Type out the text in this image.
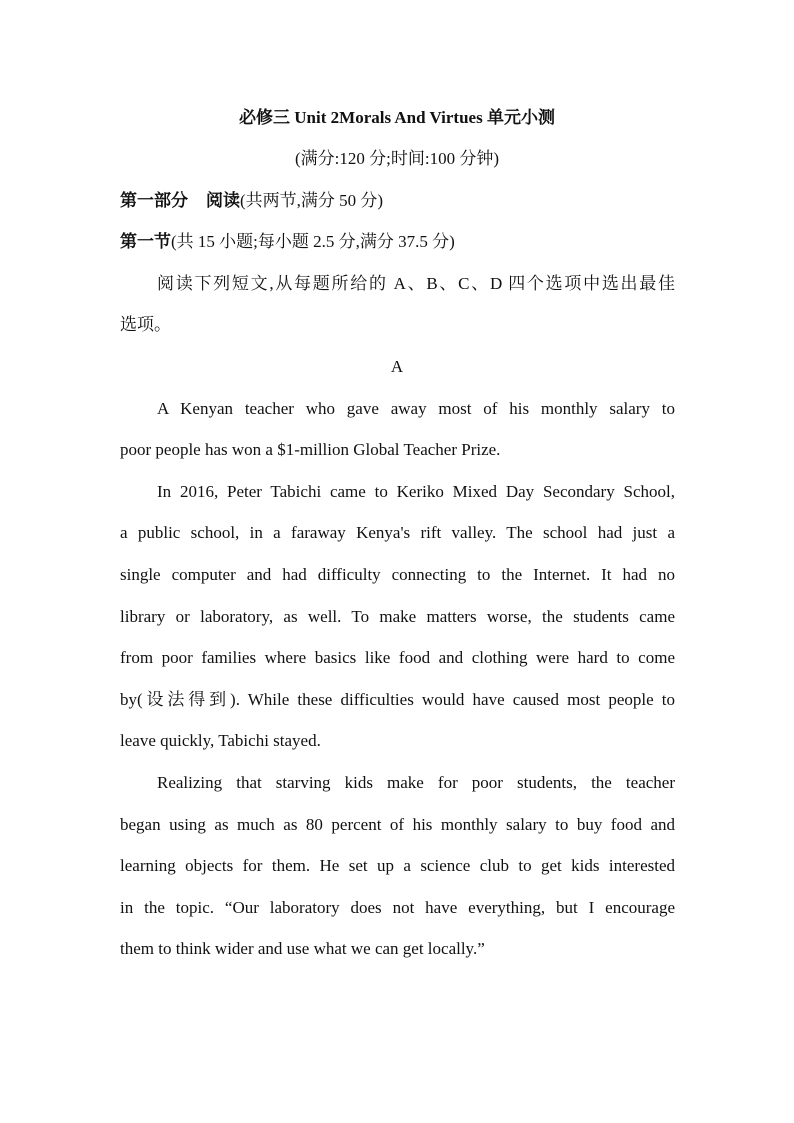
必修三 Unit 2Morals And Virtues 单元小测
(满分:120 分;时间:100 分钟)
第一部分 阅读(共两节,满分 50 分)
第一节(共 15 小题;每小题 2.5 分,满分 37.5 分)
阅读下列短文,从每题所给的 A、B、C、D 四个选项中选出最佳
选项。
A
A Kenyan teacher who gave away most of his monthly salary to
poor people has won a $1-million Global Teacher Prize.
In 2016, Peter Tabichi came to Keriko Mixed Day Secondary School,
a public school, in a faraway Kenya's rift valley. The school had just a
single computer and had difficulty connecting to the Internet. It had no
library or laboratory, as well. To make matters worse, the students came
from poor families where basics like food and clothing were hard to come
by(设法得到). While these difficulties would have caused most people to
leave quickly, Tabichi stayed.
Realizing that starving kids make for poor students, the teacher
began using as much as 80 percent of his monthly salary to buy food and
learning objects for them. He set up a science club to get kids interested
in the topic. “Our laboratory does not have everything, but I encourage
them to think wider and use what we can get locally.”
